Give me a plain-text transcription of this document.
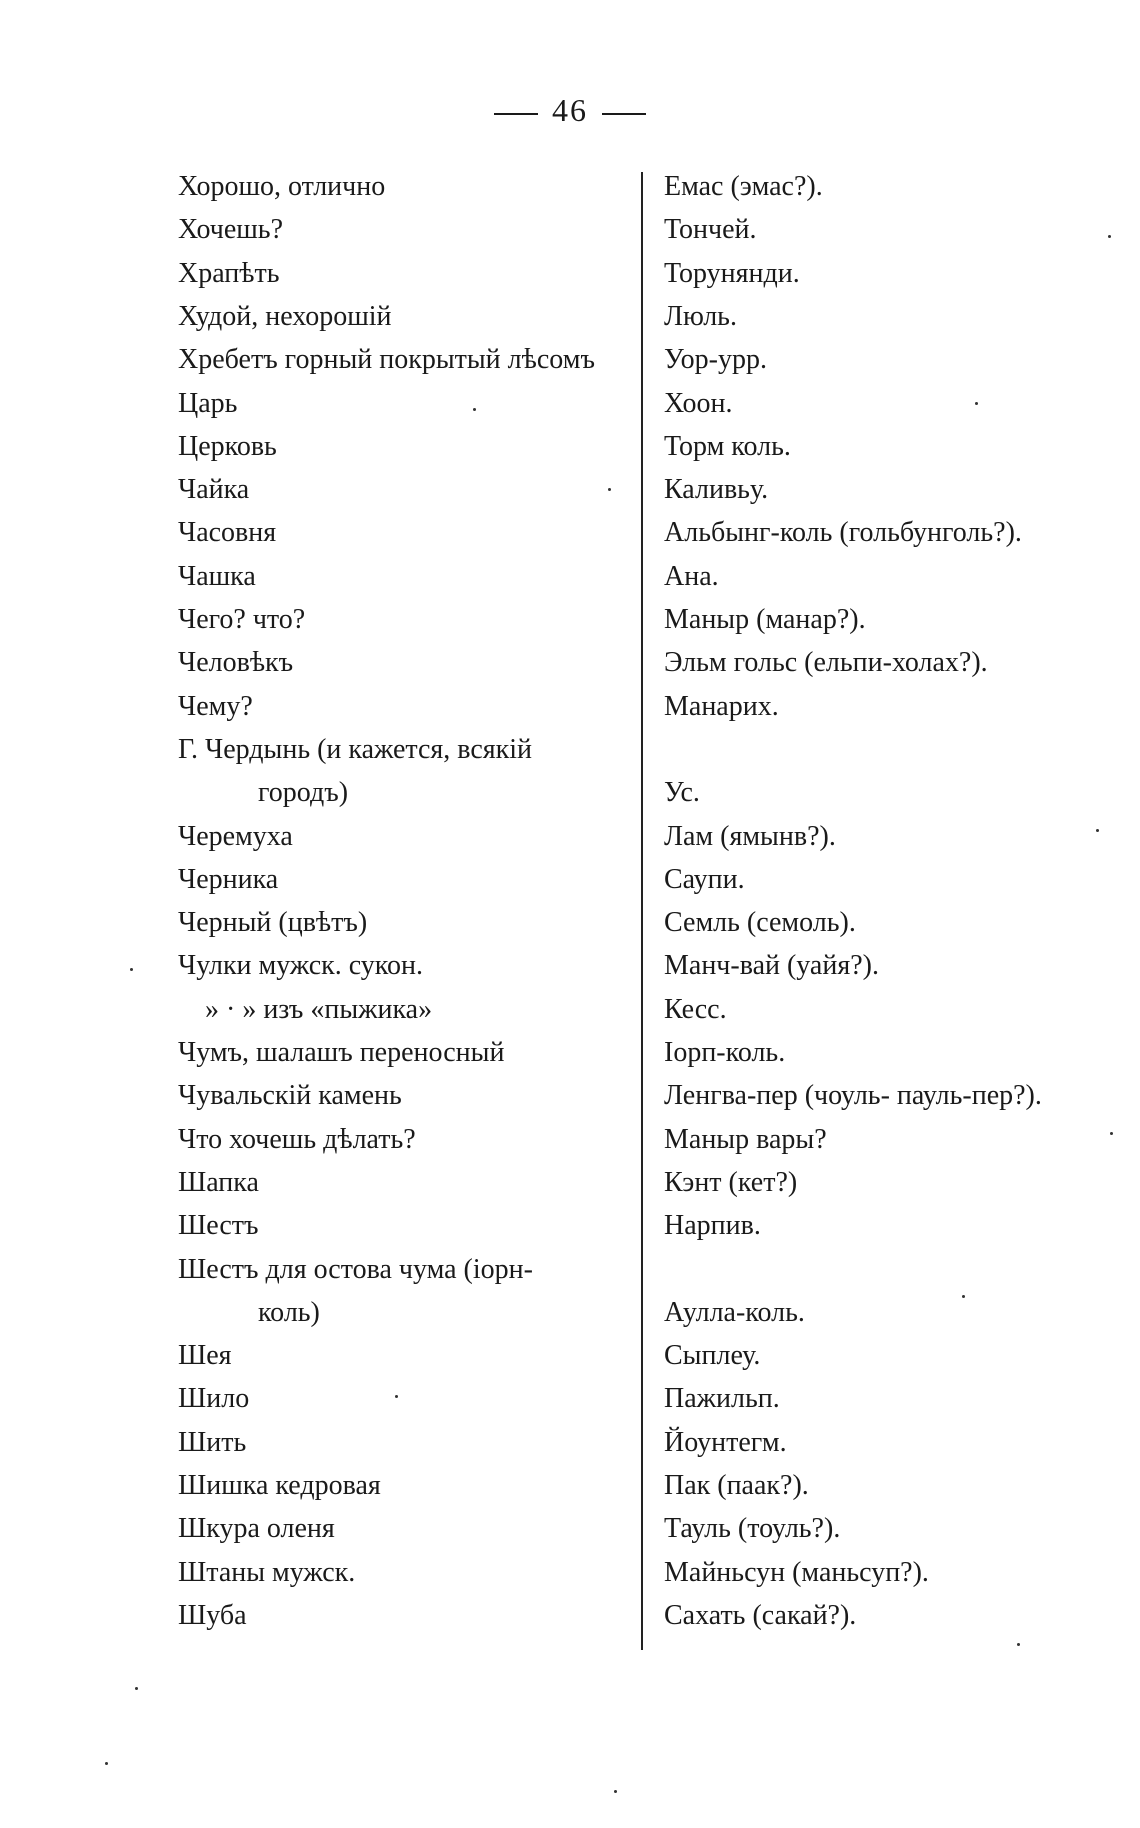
46
Хорошо, отлично	Емас (эмас?).
Хочешь?	Тончей.
Храпѣть	Торунянди.
Худой, нехорошій	Люль.
Хребетъ горный покрытый лѣсомъ	Уор-урр.
Царь	Хоон.
Церковь	Торм коль.
Чайка	Каливьу.
Часовня	Альбынг-коль (гольбунголь?).
Чашка	Ана.
Чего? что?	Маныр (манар?).
Человѣкъ	Эльм гольс (ельпи-холах?).
Чему?	Манарих.
Г. Чердынь (и кажется, всякій
городъ)	Ус.
Черемуха	Лам (ямынв?).
Черника	Саупи.
Черный (цвѣтъ)	Семль (семоль).
Чулки мужск. сукон.	Манч-вай (уайя?).
» · » изъ «пыжика»	Кесс.
Чумъ, шалашъ переносный	Іорп-коль.
Чувальскій камень	Ленгва-пер (чоуль- пауль-пер?).
Что хочешь дѣлать?	Маныр вары?
Шапка	Кэнт (кет?)
Шестъ	Нарпив.
Шестъ для остова чума (іорн-
коль)	Аулла-коль.
Шея	Сыплеу.
Шило	Пажильп.
Шить	Йоунтегм.
Шишка кедровая	Пак (паак?).
Шкура оленя	Тауль (тоуль?).
Штаны мужск.	Майньсун (маньсуп?).
Шуба	Сахать (сакай?).
